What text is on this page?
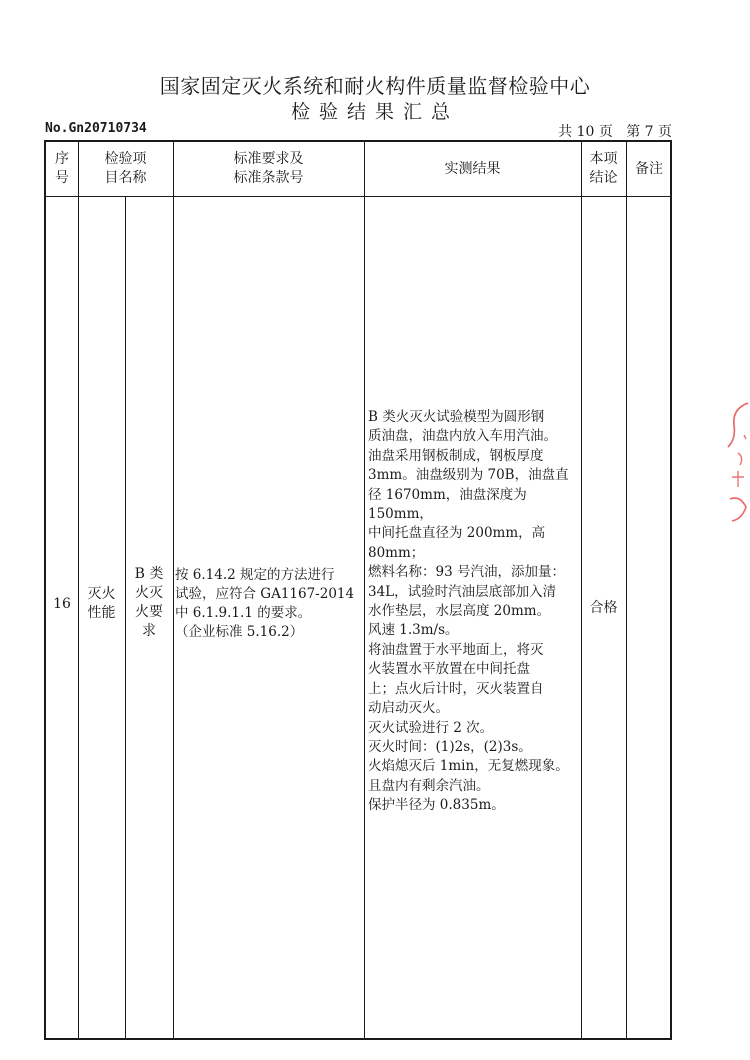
国家固定灭火系统和耐火构件质量监督检验中心
检验结果汇总
No.Gn20710734	共 10 页   第 7 页
序
号
检验项
目名称
标准要求及
标准条款号
实测结果
本项
结论
备注
16
灭火
性能
B 类
火灭
火要
求
按 6.14.2 规定的方法进行
试验，应符合 GA1167-2014
中 6.1.9.1.1 的要求。
（企业标准 5.16.2）
B 类火灭火试验模型为圆形钢
质油盘，油盘内放入车用汽油。
油盘采用钢板制成，钢板厚度
3mm。油盘级别为 70B，油盘直
径 1670mm，油盘深度为 150mm，
中间托盘直径为 200mm，高
80mm；
燃料名称：93 号汽油，添加量：
34L，试验时汽油层底部加入清
水作垫层，水层高度 20mm。
风速 1.3m/s。
将油盘置于水平地面上，将灭
火装置水平放置在中间托盘
上；点火后计时，灭火装置自
动启动灭火。
灭火试验进行 2 次。
灭火时间：(1)2s，(2)3s。
火焰熄灭后 1min，无复燃现象。
且盘内有剩余汽油。
保护半径为 0.835m。
合格
